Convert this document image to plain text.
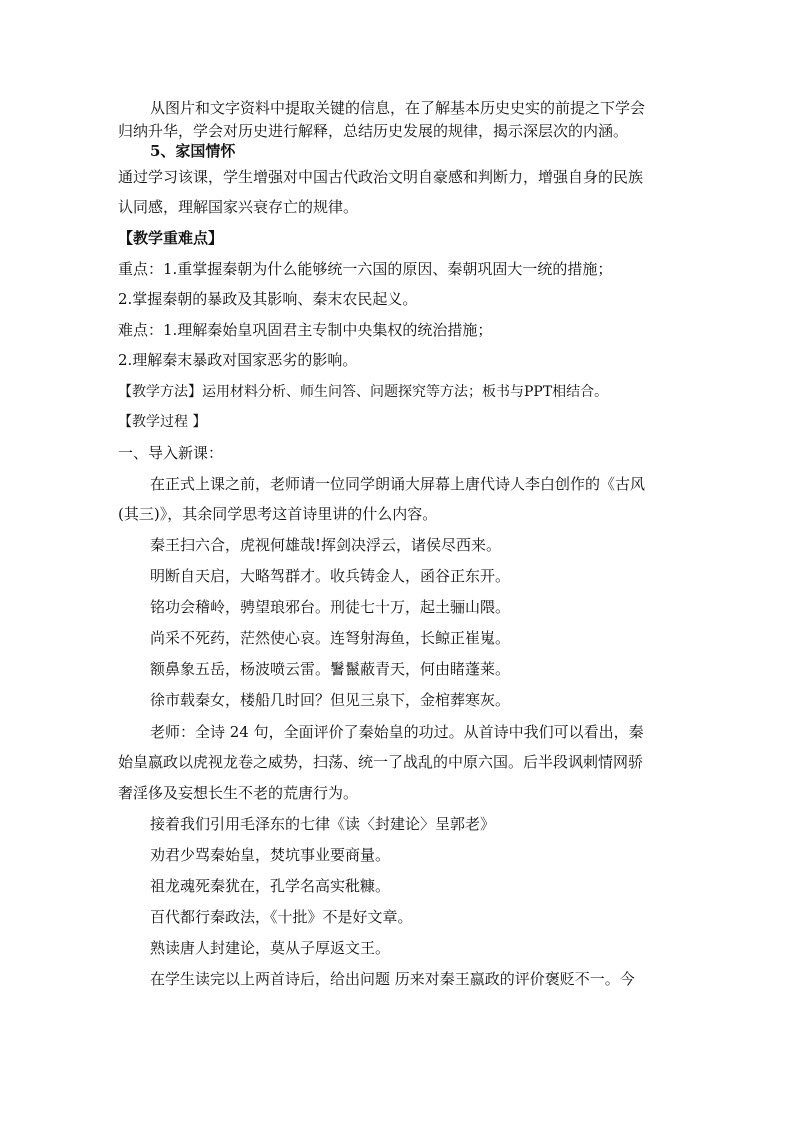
从图片和文字资料中提取关键的信息，在了解基本历史史实的前提之下学会
归纳升华，学会对历史进行解释，总结历史发展的规律，揭示深层次的内涵。
5、家国情怀
通过学习该课，学生增强对中国古代政治文明自豪感和判断力，增强自身的民族
认同感，理解国家兴衰存亡的规律。
【教学重难点】
重点：1.重掌握秦朝为什么能够统一六国的原因、秦朝巩固大一统的措施；
2.掌握秦朝的暴政及其影响、秦末农民起义。
难点：1.理解秦始皇巩固君主专制中央集权的统治措施；
2.理解秦末暴政对国家恶劣的影响。
【教学方法】运用材料分析、师生问答、问题探究等方法；板书与PPT相结合。
【教学过程 】
一、导入新课：
在正式上课之前，老师请一位同学朗诵大屏幕上唐代诗人李白创作的《古风
(其三)》，其余同学思考这首诗里讲的什么内容。
秦王扫六合，虎视何雄哉!挥剑决浮云，诸侯尽西来。
明断自天启，大略驾群才。收兵铸金人，函谷正东开。
铭功会稽岭，骋望琅邪台。刑徒七十万，起土骊山隈。
尚采不死药，茫然使心哀。连弩射海鱼，长鲸正崔嵬。
额鼻象五岳，杨波喷云雷。鬐鬣蔽青天，何由睹蓬莱。
徐市载秦女，楼船几时回？但见三泉下，金棺葬寒灰。
老师：全诗 24 句，全面评价了秦始皇的功过。从首诗中我们可以看出，秦
始皇嬴政以虎视龙卷之威势，扫荡、统一了战乱的中原六国。后半段讽刺情网骄
奢淫侈及妄想长生不老的荒唐行为。
接着我们引用毛泽东的七律《读〈封建论〉呈郭老》
劝君少骂秦始皇，焚坑事业要商量。
祖龙魂死秦犹在，孔学名高实秕糠。
百代都行秦政法，《十批》不是好文章。
熟读唐人封建论，莫从子厚返文王。
在学生读完以上两首诗后，给出问题 历来对秦王嬴政的评价褒贬不一。今
